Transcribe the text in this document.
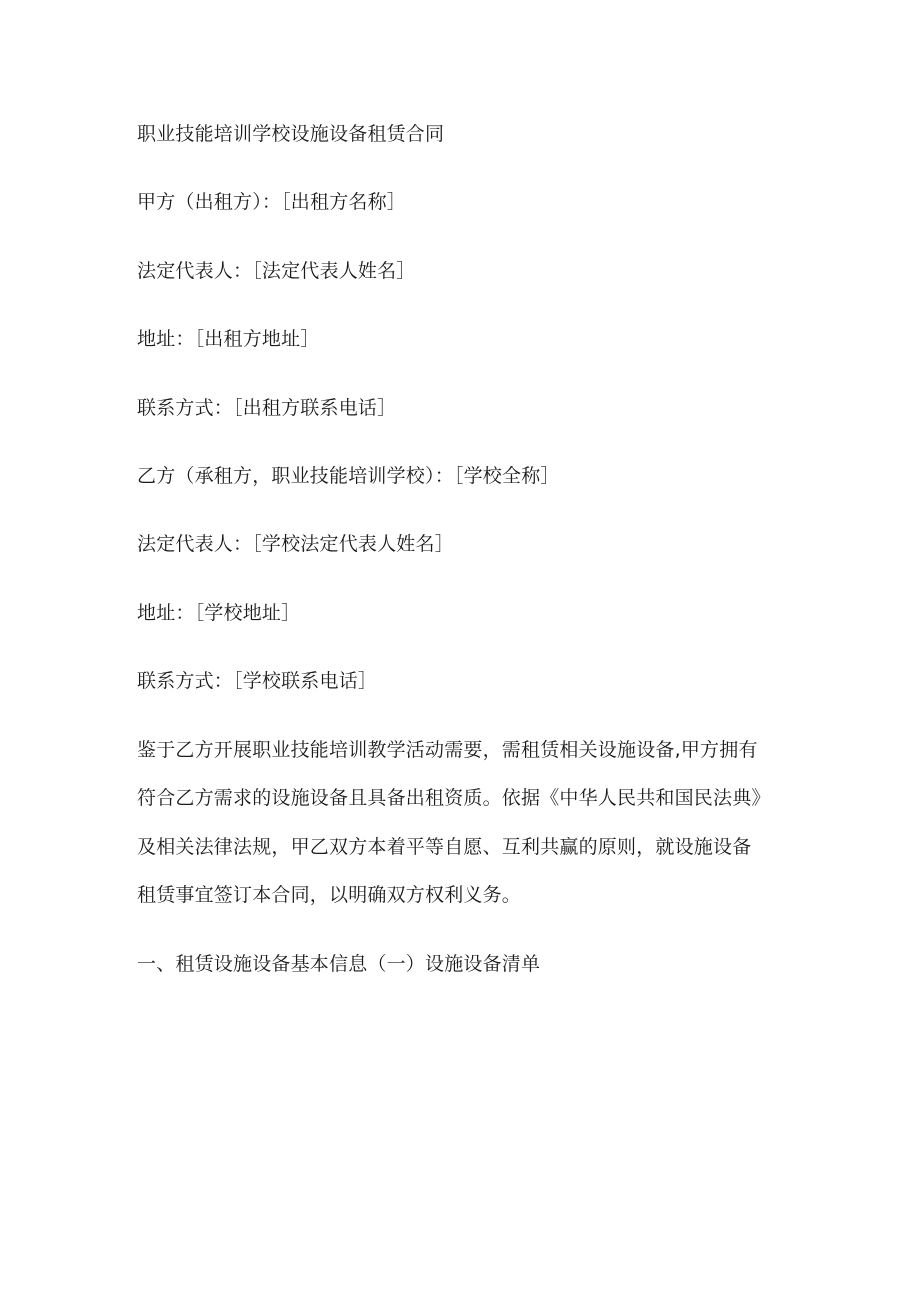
职业技能培训学校设施设备租赁合同
甲方（出租方）：［出租方名称］
法定代表人：［法定代表人姓名］
地址：［出租方地址］
联系方式：［出租方联系电话］
乙方（承租方，职业技能培训学校）：［学校全称］
法定代表人：［学校法定代表人姓名］
地址：［学校地址］
联系方式：［学校联系电话］
鉴于乙方开展职业技能培训教学活动需要，需租赁相关设施设备,甲方拥有
符合乙方需求的设施设备且具备出租资质。依据《中华人民共和国民法典》
及相关法律法规，甲乙双方本着平等自愿、互利共赢的原则，就设施设备
租赁事宜签订本合同，以明确双方权利义务。
一、租赁设施设备基本信息（一）设施设备清单
